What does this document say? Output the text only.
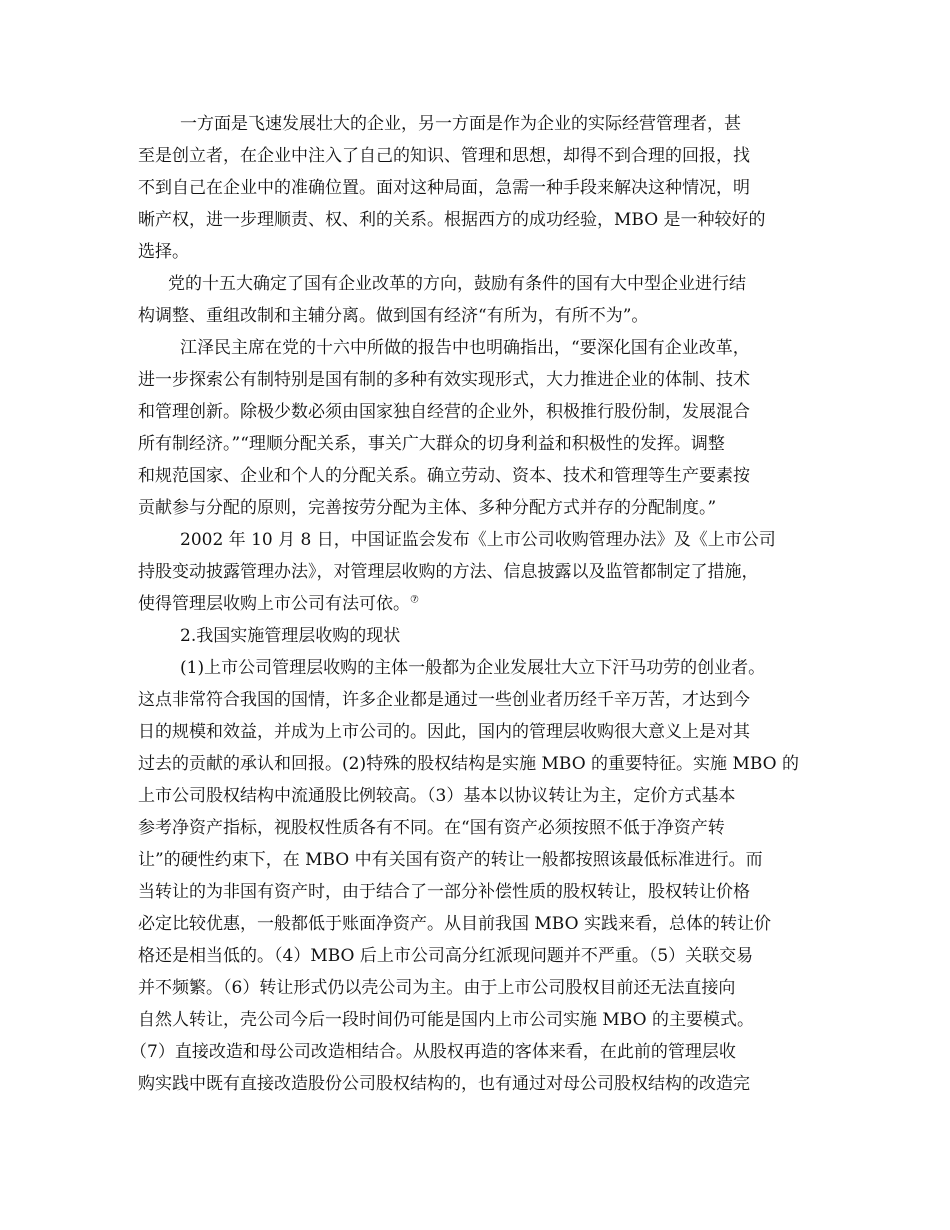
一方面是飞速发展壮大的企业，另一方面是作为企业的实际经营管理者，甚
至是创立者，在企业中注入了自己的知识、管理和思想，却得不到合理的回报，找
不到自己在企业中的准确位置。面对这种局面，急需一种手段来解决这种情况，明
晰产权，进一步理顺责、权、利的关系。根据西方的成功经验，MBO 是一种较好的
选择。
党的十五大确定了国有企业改革的方向，鼓励有条件的国有大中型企业进行结
构调整、重组改制和主辅分离。做到国有经济“有所为，有所不为”。
江泽民主席在党的十六中所做的报告中也明确指出，“要深化国有企业改革，
进一步探索公有制特别是国有制的多种有效实现形式，大力推进企业的体制、技术
和管理创新。除极少数必须由国家独自经营的企业外，积极推行股份制，发展混合
所有制经济。”“理顺分配关系，事关广大群众的切身利益和积极性的发挥。调整
和规范国家、企业和个人的分配关系。确立劳动、资本、技术和管理等生产要素按
贡献参与分配的原则，完善按劳分配为主体、多种分配方式并存的分配制度。”
2002 年 10 月 8 日，中国证监会发布《上市公司收购管理办法》及《上市公司
持股变动披露管理办法》，对管理层收购的方法、信息披露以及监管都制定了措施，
使得管理层收购上市公司有法可依。⑦
2.我国实施管理层收购的现状
(1)上市公司管理层收购的主体一般都为企业发展壮大立下汗马功劳的创业者。
这点非常符合我国的国情，许多企业都是通过一些创业者历经千辛万苦，才达到今
日的规模和效益，并成为上市公司的。因此，国内的管理层收购很大意义上是对其
过去的贡献的承认和回报。(2)特殊的股权结构是实施 MBO 的重要特征。实施 MBO 的
上市公司股权结构中流通股比例较高。（3）基本以协议转让为主，定价方式基本
参考净资产指标，视股权性质各有不同。在“国有资产必须按照不低于净资产转
让”的硬性约束下，在 MBO 中有关国有资产的转让一般都按照该最低标准进行。而
当转让的为非国有资产时，由于结合了一部分补偿性质的股权转让，股权转让价格
必定比较优惠，一般都低于账面净资产。从目前我国 MBO 实践来看，总体的转让价
格还是相当低的。（4）MBO 后上市公司高分红派现问题并不严重。（5）关联交易
并不频繁。（6）转让形式仍以壳公司为主。由于上市公司股权目前还无法直接向
自然人转让，壳公司今后一段时间仍可能是国内上市公司实施 MBO 的主要模式。
（7）直接改造和母公司改造相结合。从股权再造的客体来看，在此前的管理层收
购实践中既有直接改造股份公司股权结构的，也有通过对母公司股权结构的改造完
